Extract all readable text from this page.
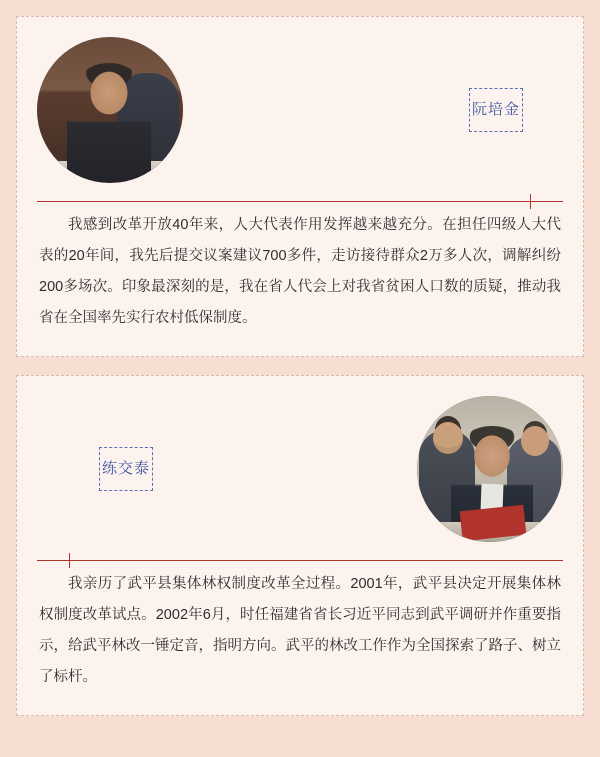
阮培金

我感到改革开放40年来，人大代表作用发挥越来越充分。在担任四级人大代表的20年间，我先后提交议案建议700多件，走访接待群众2万多人次，调解纠纷200多场次。印象最深刻的是，我在省人代会上对我省贫困人口数的质疑，推动我省在全国率先实行农村低保制度。

练交泰

我亲历了武平县集体林权制度改革全过程。2001年，武平县决定开展集体林权制度改革试点。2002年6月，时任福建省省长习近平同志到武平调研并作重要指示，给武平林改一锤定音，指明方向。武平的林改工作作为全国探索了路子、树立了标杆。
